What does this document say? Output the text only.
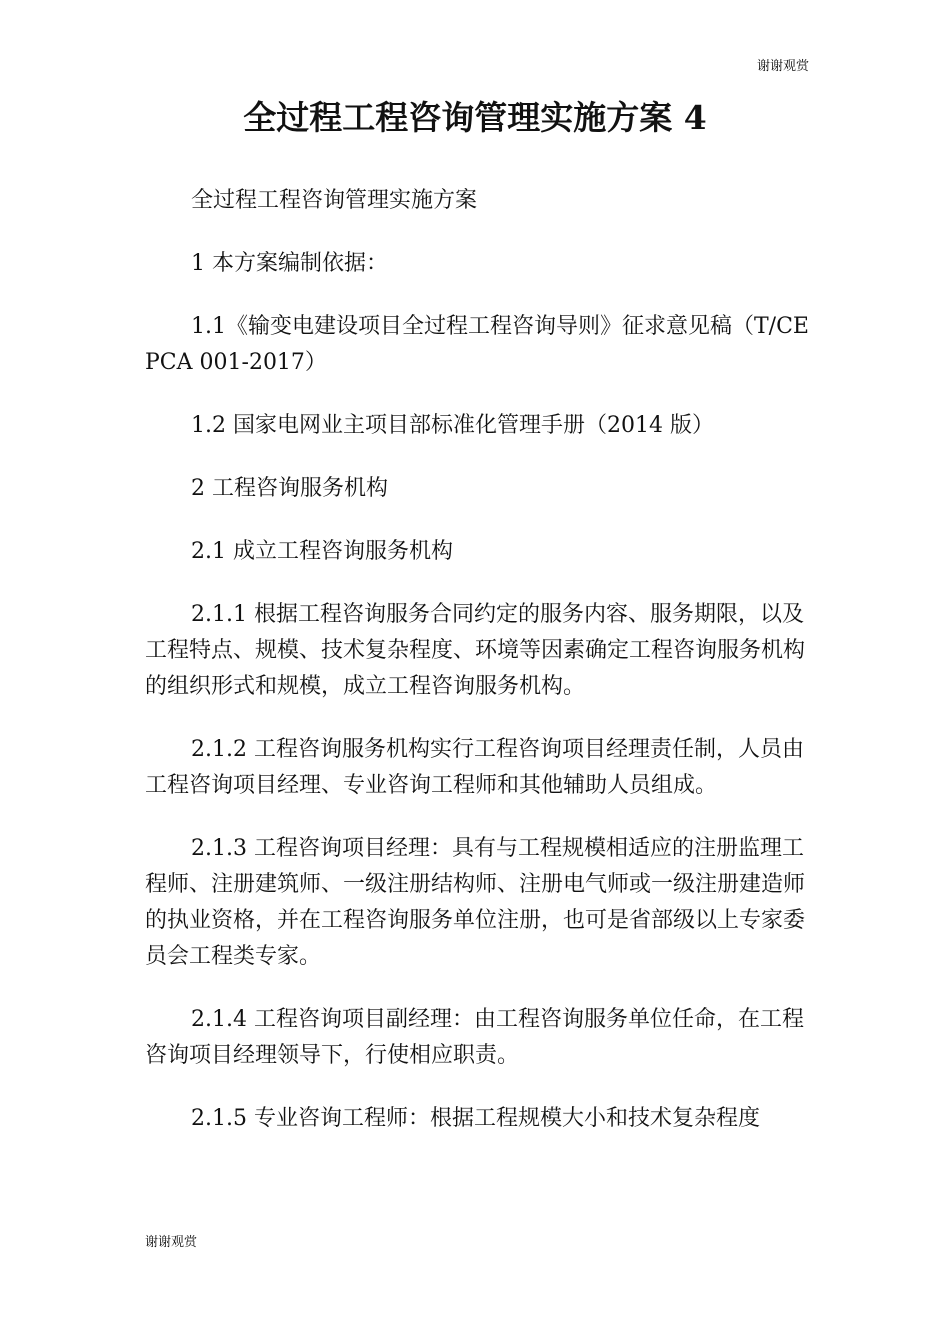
谢谢观赏
全过程工程咨询管理实施方案 4

全过程工程咨询管理实施方案

1 本方案编制依据：

1.1《输变电建设项目全过程工程咨询导则》征求意见稿（T/CEPCA 001-2017）

1.2 国家电网业主项目部标准化管理手册（2014 版）

2 工程咨询服务机构

2.1 成立工程咨询服务机构

2.1.1 根据工程咨询服务合同约定的服务内容、服务期限，以及工程特点、规模、技术复杂程度、环境等因素确定工程咨询服务机构的组织形式和规模，成立工程咨询服务机构。

2.1.2 工程咨询服务机构实行工程咨询项目经理责任制，人员由工程咨询项目经理、专业咨询工程师和其他辅助人员组成。

2.1.3 工程咨询项目经理：具有与工程规模相适应的注册监理工程师、注册建筑师、一级注册结构师、注册电气师或一级注册建造师的执业资格，并在工程咨询服务单位注册，也可是省部级以上专家委员会工程类专家。

2.1.4 工程咨询项目副经理：由工程咨询服务单位任命，在工程咨询项目经理领导下，行使相应职责。

2.1.5 专业咨询工程师：根据工程规模大小和技术复杂程度

谢谢观赏
